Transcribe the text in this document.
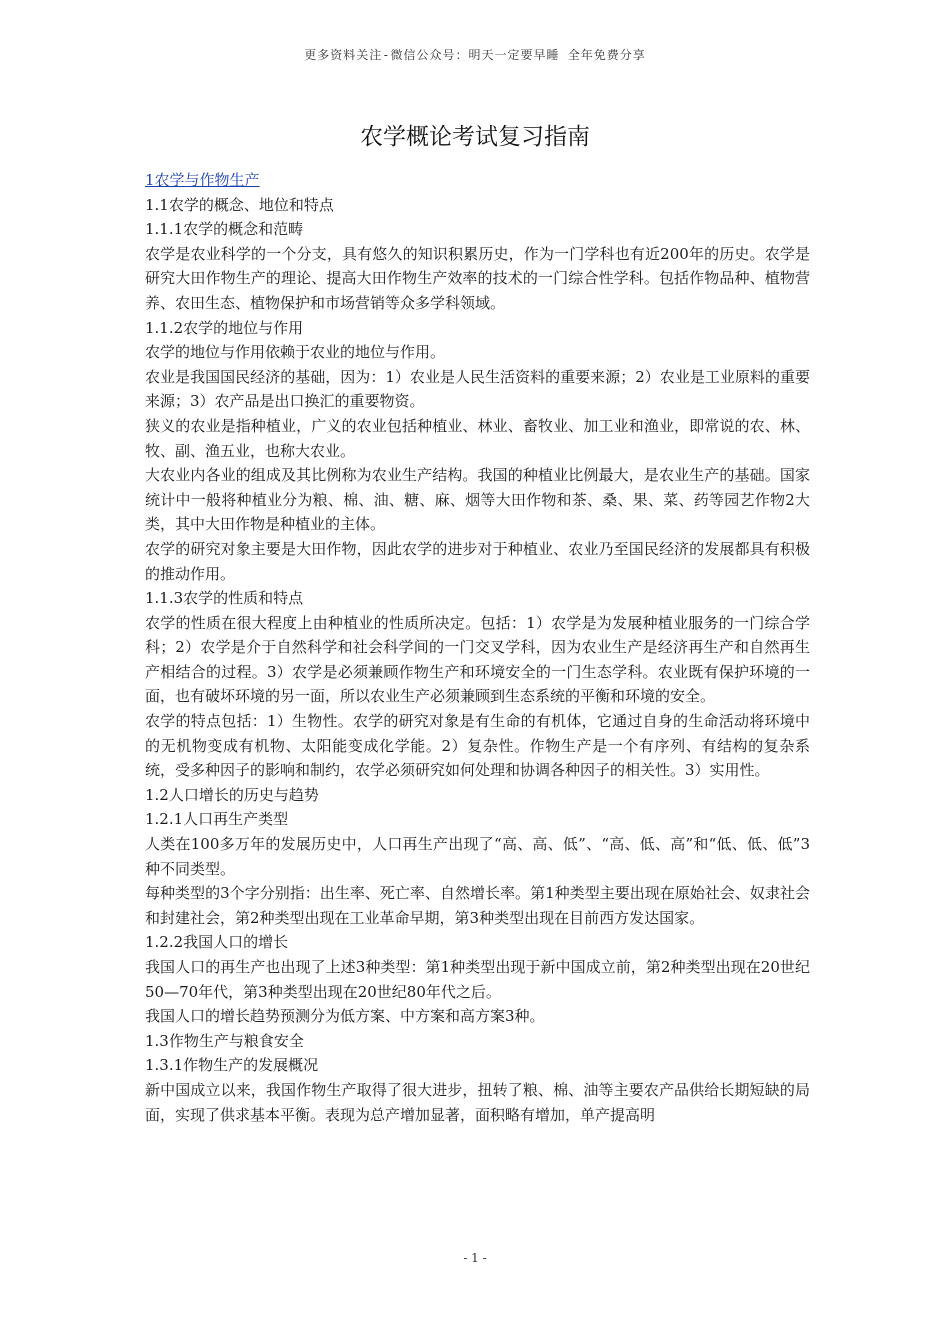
更多资料关注-微信公众号：明天一定要早睡 全年免费分享
农学概论考试复习指南

1农学与作物生产

1.1农学的概念、地位和特点

1.1.1农学的概念和范畴

农学是农业科学的一个分支，具有悠久的知识积累历史，作为一门学科也有近200年的历史。农学是研究大田作物生产的理论、提高大田作物生产效率的技术的一门综合性学科。包括作物品种、植物营养、农田生态、植物保护和市场营销等众多学科领域。

1.1.2农学的地位与作用

农学的地位与作用依赖于农业的地位与作用。

农业是我国国民经济的基础，因为：1）农业是人民生活资料的重要来源；2）农业是工业原料的重要来源；3）农产品是出口换汇的重要物资。

狭义的农业是指种植业，广义的农业包括种植业、林业、畜牧业、加工业和渔业，即常说的农、林、牧、副、渔五业，也称大农业。

大农业内各业的组成及其比例称为农业生产结构。我国的种植业比例最大，是农业生产的基础。国家统计中一般将种植业分为粮、棉、油、糖、麻、烟等大田作物和茶、桑、果、菜、药等园艺作物2大类，其中大田作物是种植业的主体。

农学的研究对象主要是大田作物，因此农学的进步对于种植业、农业乃至国民经济的发展都具有积极的推动作用。

1.1.3农学的性质和特点

农学的性质在很大程度上由种植业的性质所决定。包括：1）农学是为发展种植业服务的一门综合学科；2）农学是介于自然科学和社会科学间的一门交叉学科，因为农业生产是经济再生产和自然再生产相结合的过程。3）农学是必须兼顾作物生产和环境安全的一门生态学科。农业既有保护环境的一面，也有破坏环境的另一面，所以农业生产必须兼顾到生态系统的平衡和环境的安全。

农学的特点包括：1）生物性。农学的研究对象是有生命的有机体，它通过自身的生命活动将环境中的无机物变成有机物、太阳能变成化学能。2）复杂性。作物生产是一个有序列、有结构的复杂系统，受多种因子的影响和制约，农学必须研究如何处理和协调各种因子的相关性。3）实用性。

1.2人口增长的历史与趋势

1.2.1人口再生产类型

人类在100多万年的发展历史中，人口再生产出现了“高、高、低”、“高、低、高”和“低、低、低”3种不同类型。

每种类型的3个字分别指：出生率、死亡率、自然增长率。第1种类型主要出现在原始社会、奴隶社会和封建社会，第2种类型出现在工业革命早期，第3种类型出现在目前西方发达国家。

1.2.2我国人口的增长

我国人口的再生产也出现了上述3种类型：第1种类型出现于新中国成立前，第2种类型出现在20世纪50—70年代，第3种类型出现在20世纪80年代之后。

我国人口的增长趋势预测分为低方案、中方案和高方案3种。

1.3作物生产与粮食安全

1.3.1作物生产的发展概况

新中国成立以来，我国作物生产取得了很大进步，扭转了粮、棉、油等主要农产品供给长期短缺的局面，实现了供求基本平衡。表现为总产增加显著，面积略有增加，单产提高明

- 1 -
